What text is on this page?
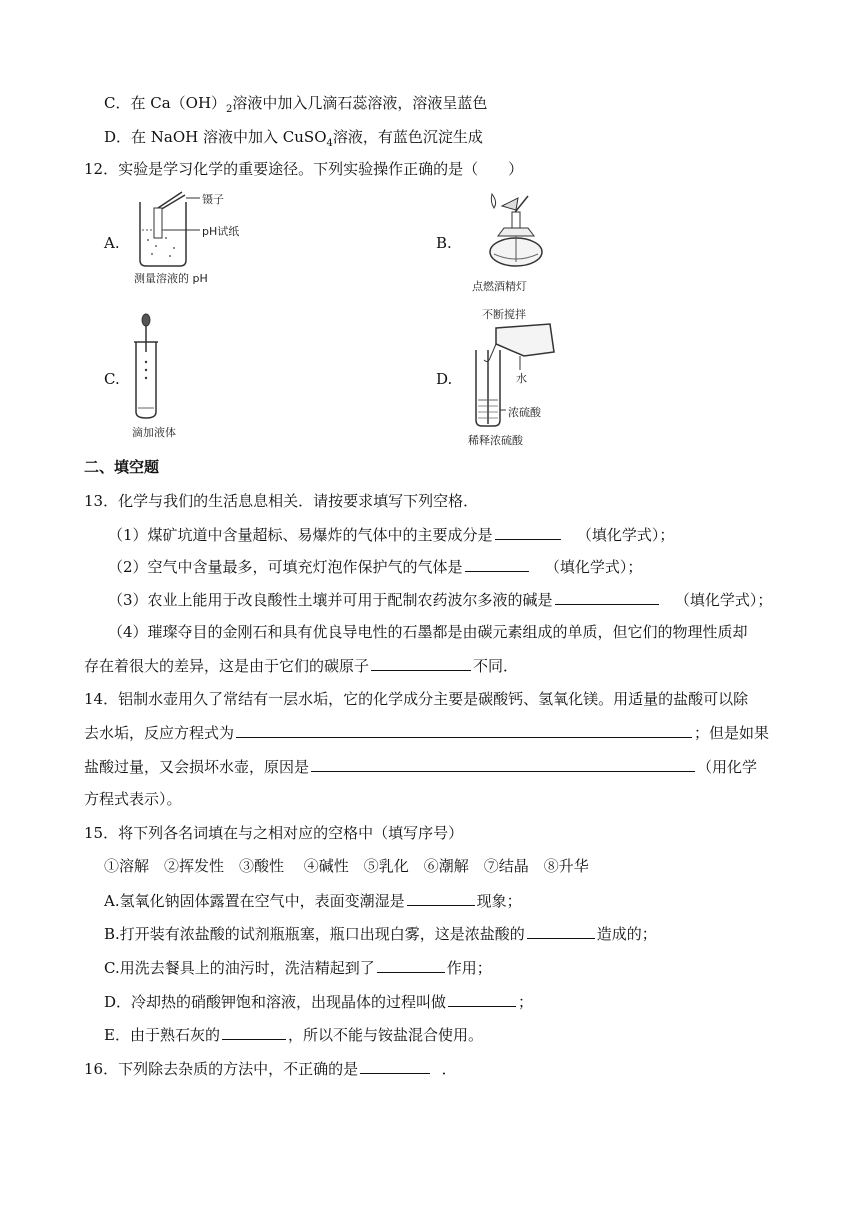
C．在 $Ca(OH)_2$溶液中加入几滴石蕊溶液，溶液呈蓝色
D．在 NaOH 溶液中加入 CuSO$_4$溶液，有蓝色沉淀生成
12．实验是学习化学的重要途径。下列实验操作正确的是（　　）
A.
镊子
pH试纸
测量溶液的 pH
B.
点燃酒精灯
C.
滴加液体
D.
不断搅拌
水
浓硫酸
稀释浓硫酸
二、填空题
13．化学与我们的生活息息相关．请按要求填写下列空格．
（1）煤矿坑道中含量超标、易爆炸的气体中的主要成分是	（填化学式）；
（2）空气中含量最多，可填充灯泡作保护气的气体是	（填化学式）；
（3）农业上能用于改良酸性土壤并可用于配制农药波尔多液的碱是	（填化学式）；
（4）璀璨夺目的金刚石和具有优良导电性的石墨都是由碳元素组成的单质，但它们的物理性质却
存在着很大的差异，这是由于它们的碳原子	不同．
14．铝制水壶用久了常结有一层水垢，它的化学成分主要是碳酸钙、氢氧化镁。用适量的盐酸可以除
去水垢，反应方程式为	；但是如果
盐酸过量，又会损坏水壶，原因是	（用化学
方程式表示）。
15．将下列各名词填在与之相对应的空格中（填写序号）
①溶解　②挥发性　③酸性　 ④碱性　⑤乳化　⑥潮解　⑦结晶　⑧升华
A.氢氧化钠固体露置在空气中，表面变潮湿是	现象；
B.打开装有浓盐酸的试剂瓶瓶塞，瓶口出现白雾，这是浓盐酸的	造成的；
C.用洗去餐具上的油污时，洗洁精起到了	作用；
D．冷却热的硝酸钾饱和溶液，出现晶体的过程叫做	；
E．由于熟石灰的	，所以不能与铵盐混合使用。
16．下列除去杂质的方法中，不正确的是	．
